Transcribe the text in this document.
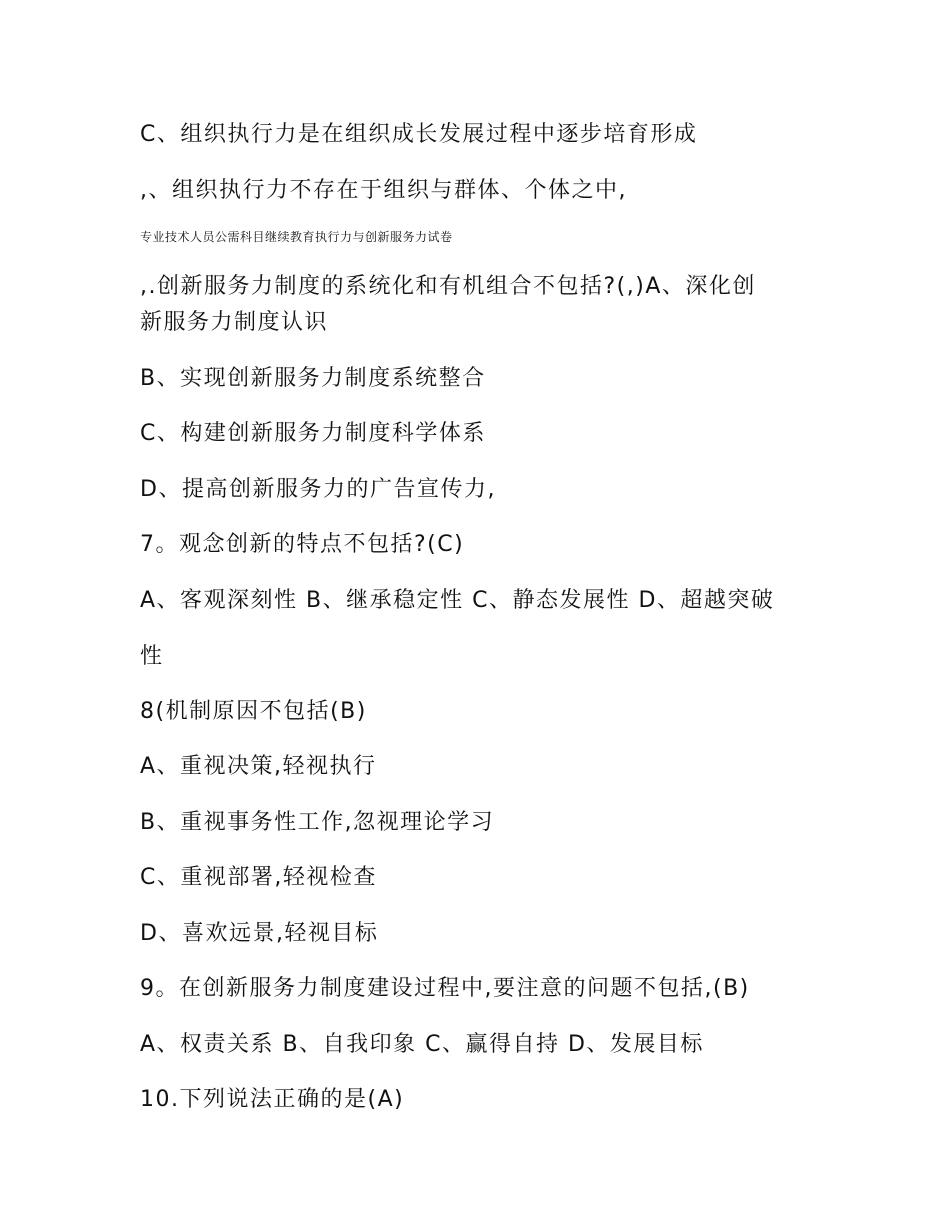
C、组织执行力是在组织成长发展过程中逐步培育形成
,、组织执行力不存在于组织与群体、个体之中,
专业技术人员公需科目继续教育执行力与创新服务力试卷
,.创新服务力制度的系统化和有机组合不包括?(,)A、深化创
新服务力制度认识
B、实现创新服务力制度系统整合
C、构建创新服务力制度科学体系
D、提高创新服务力的广告宣传力,
7。观念创新的特点不包括?(C)
A、客观深刻性 B、继承稳定性 C、静态发展性 D、超越突破
性
8(机制原因不包括(B)
A、重视决策,轻视执行
B、重视事务性工作,忽视理论学习
C、重视部署,轻视检查
D、喜欢远景,轻视目标
9。在创新服务力制度建设过程中,要注意的问题不包括,(B)
A、权责关系 B、自我印象 C、赢得自持 D、发展目标
10.下列说法正确的是(A)
